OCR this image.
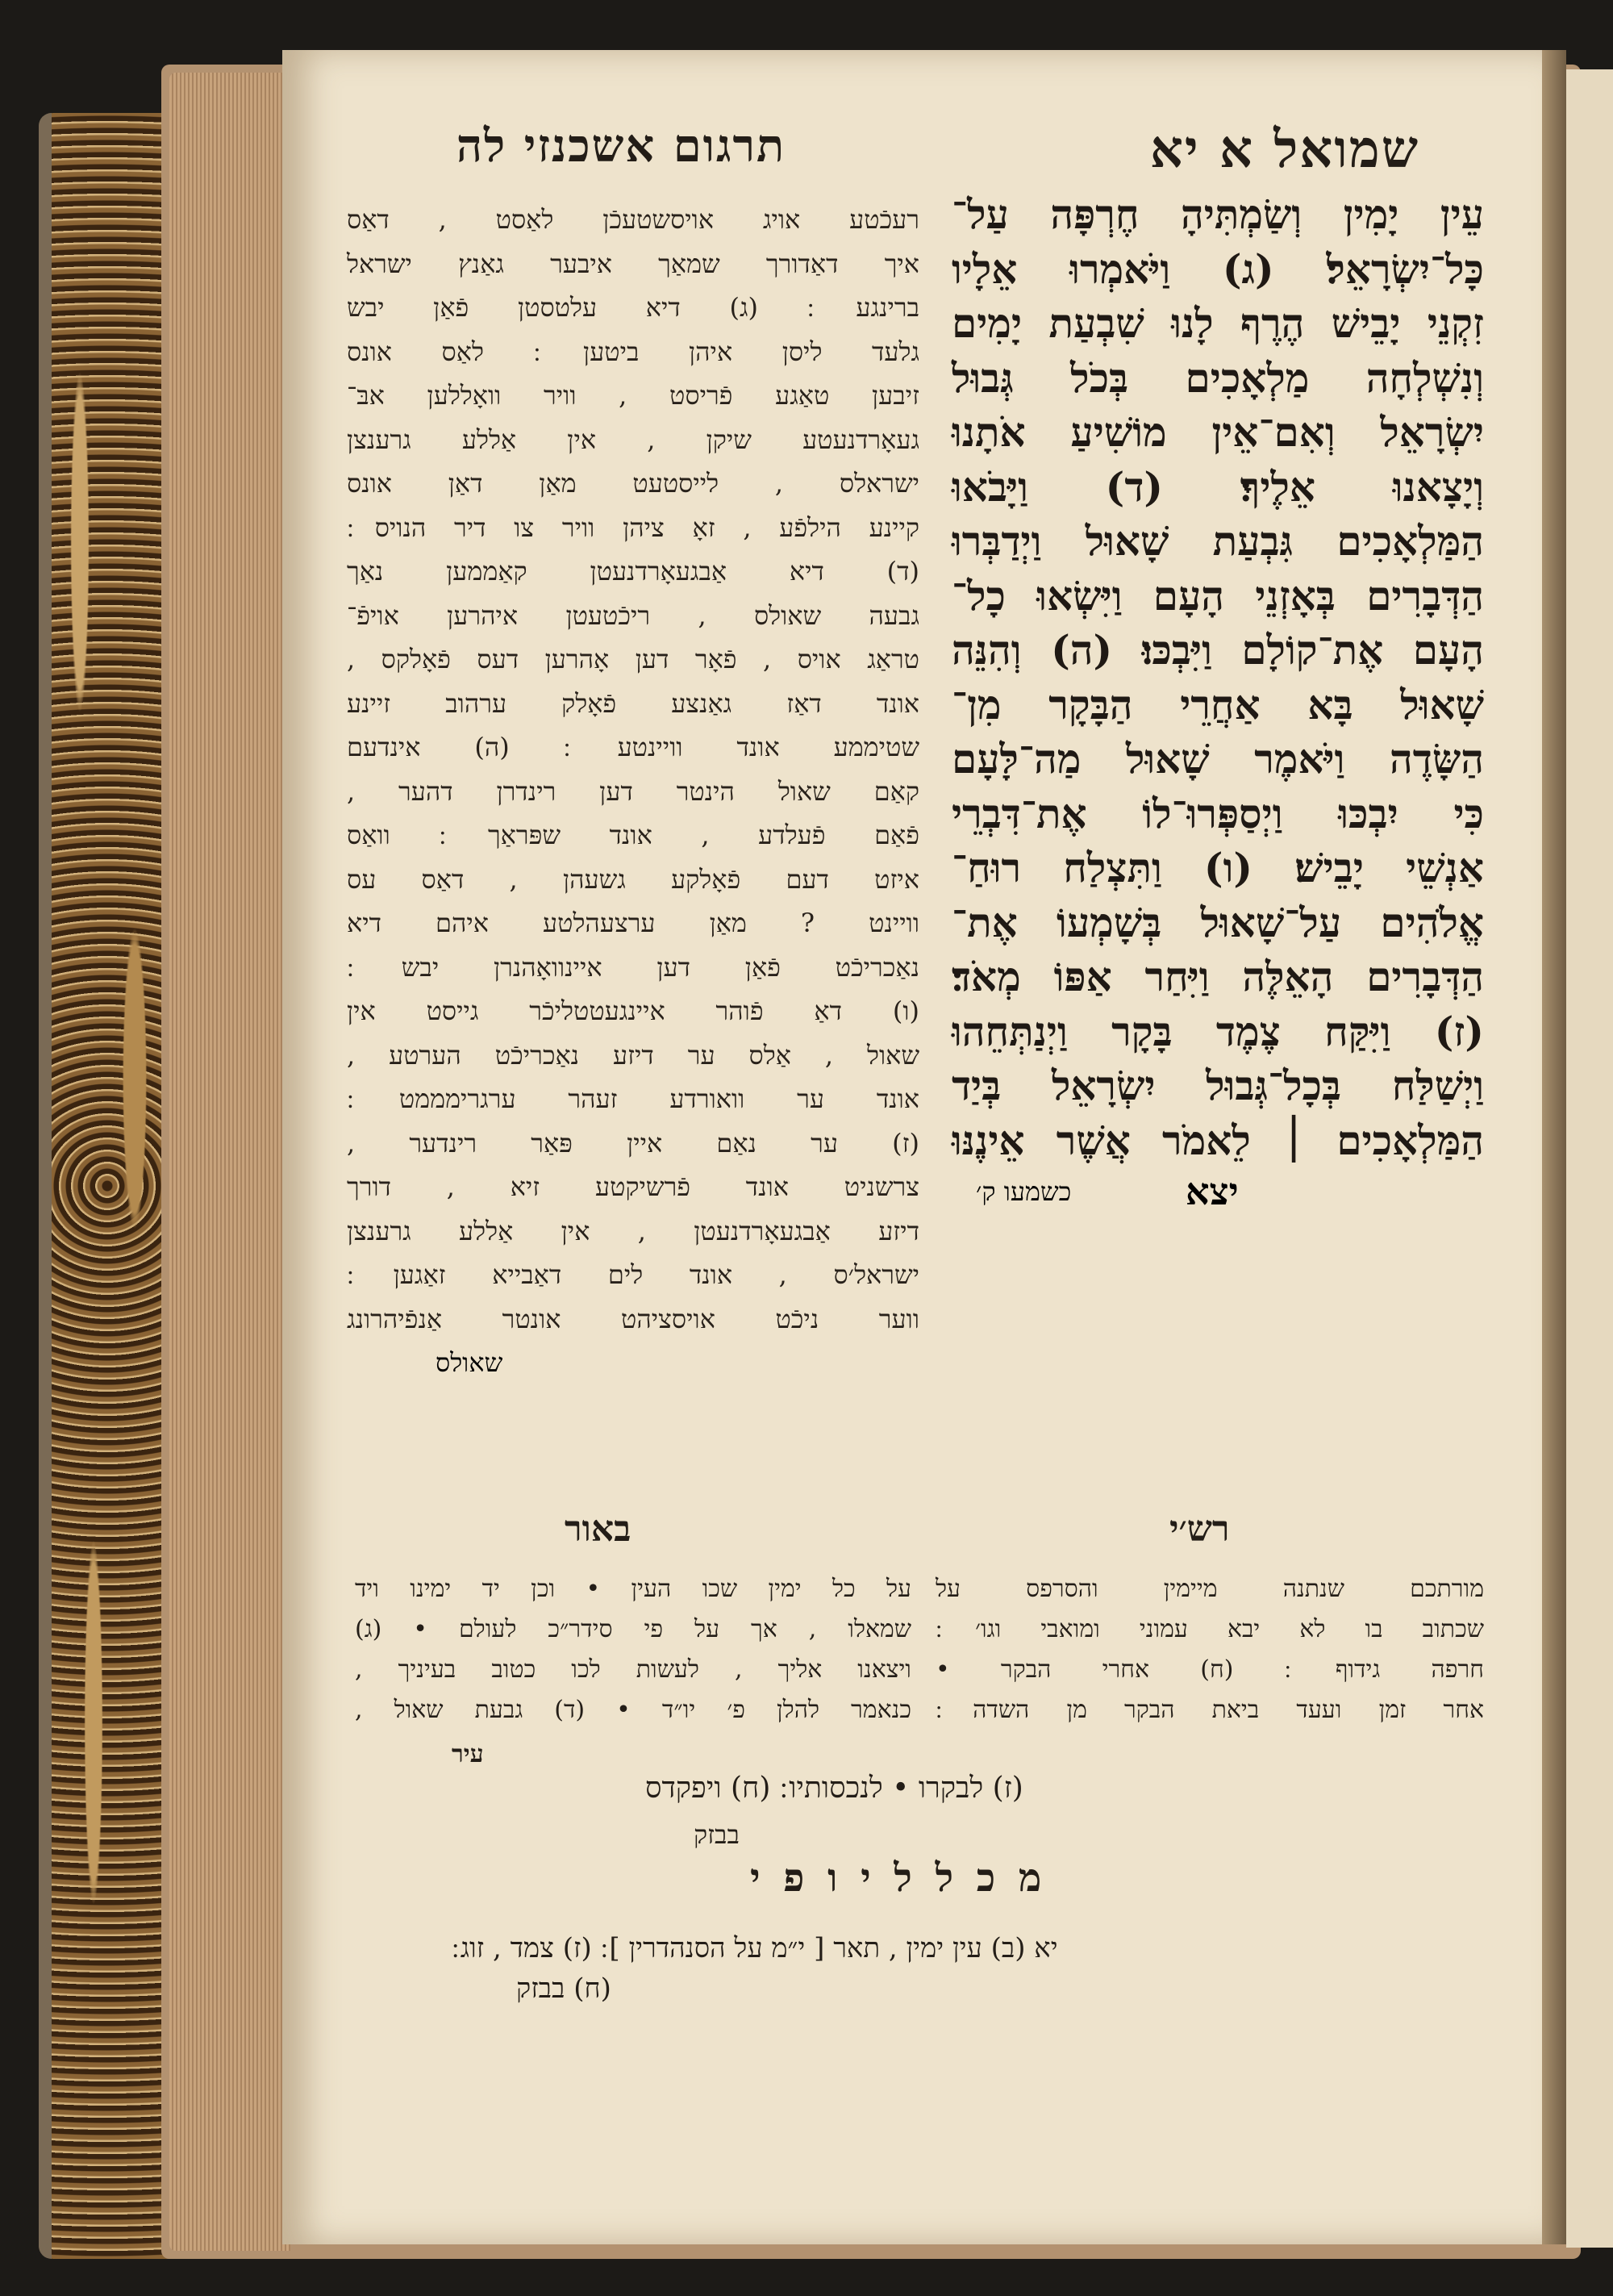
שמואל א יא
תרגום אשכנזי לה
רעכֿטע אויג אויסשטעכֿן לאַסט , דאַס
איך דאַדורך שמאַך איבער גאַנץ ישראל
ברינגע ׃ (ג) דיא עלטסטן פֿאַן יבש
גלעד ליסן איהן ביטען ׃ לאַס אונס
זיבען טאַגע פֿריסט , וויר וואָללען אבּ־
געאָרדנעטע שיקן , אין אַללע גרענצן
ישראלס , לייסטעט מאַן דאַן אונס
קיינע הילפֿע , זאָ ציהן וויר צו דיר הנויס ׃
(ד) דיא אַבגעאָרדנעטן קאַממען נאַך
גבעה שאולס , ריכֿטעטן איהרען אויפֿ־
טראַג אויס , פֿאָר דען אָהרען דעס פֿאָלקס ,
אונד דאַז גאַנצע פֿאָלק ערהוב זיינע
שטיממע אונד וויינטע ׃ (ה) אינדעם
קאַם שאול הינטר דען רינדרן דהער ,
פֿאַם פֿעלדע , אונד שפּראַך ׃ וואַס
איזט דעם פֿאָלקע גשעהן , דאַס עס
וויינט ? מאַן ערצעהלטע איהם דיא
נאַכריכֿט פֿאַן דען איינוואָהנרן יבש ׃
(ו) דאַ פֿוהר איינגעטטליכֿר גייסט אין
שאול , אַלס ער דיזע נאַכריכֿט הערטע ,
אונד ער וואורדע זעהר ערגרימממט ׃
(ז) ער נאַם איין פּאַר רינדער ,
צרשניט אונד פֿרשיקטע זיא , דורך
דיזע אַבגעאָרדנעטן , אין אַללע גרענצן
ישראל׳ס , אונד לים דאַבייא זאַגען ׃
ווער ניכֿט אויסציהט אונטר אַנפֿיהרונג
שאולס
עֵין יָמִין וְשַׂמְתִּיהָ חֶרְפָּה עַל־
כָּל־יִשְׂרָאֵל׃ (ג) וַיֹּאמְרוּ אֵלָיו
זִקְנֵי יָבֵישׁ הֶרֶף לָנוּ שִׁבְעַת יָמִים
וְנִשְׁלְחָה מַלְאָכִים בְּכֹל גְּבוּל
יִשְׂרָאֵל וְאִם־אֵין מוֹשִׁיעַ אֹתָנוּ
וְיָצָאנוּ אֵלֶיךָ׃ (ד) וַיָּבֹאוּ
הַמַּלְאָכִים גִּבְעַת שָׁאוּל וַיְדַבְּרוּ
הַדְּבָרִים בְּאָזְנֵי הָעָם וַיִּשְׂאוּ כָל־
הָעָם אֶת־קוֹלָם וַיִּבְכּוּ׃ (ה) וְהִנֵּה
שָׁאוּל בָּא אַחֲרֵי הַבָּקָר מִן־
הַשָּׂדֶה וַיֹּאמֶר שָׁאוּל מַה־לָּעָם
כִּי יִבְכּוּ וַיְסַפְּרוּ־לוֹ אֶת־דִּבְרֵי
אַנְשֵׁי יָבֵישׁ׃ (ו) וַתִּצְלַח רוּחַ־
אֱלֹהִים עַל־שָׁאוּל בְּשָׁמְעוֹ אֶת־
הַדְּבָרִים הָאֵלֶּה וַיִּחַר אַפּוֹ מְאֹד׃
(ז) וַיִּקַּח צֶמֶד בָּקָר וַיְנַתְּחֵהוּ
וַיְשַׁלַּח בְּכָל־גְּבוּל יִשְׂרָאֵל בְּיַד
הַמַּלְאָכִים ׀ לֵאמֹר אֲשֶׁר אֵינֶנּוּ
כשמעו ק׳	יצא
רש׳י
באור
מורתכם שנתנה מיימין והסרפס על
שכתוב בו לא יבא עמוני ומואבי וגו׳ ׃
חרפה גידוף ׃ (ח) אחרי הבקר •
אחר זמן ועעד ביאת הבקר מן השדה ׃
על כל ימין שכו העין • וכן יד ימינו ויד
שמאלו , אך על פי סידר״כ לעולם • (ג)
ויצאנו אליך , לעשות לכו כטוב בעיניך ,
כנאמר להלן פ׳ יו״ד • (ד) גבעת שאול ,
עיר
(ז) לבקרו • לנכסותיו ׃ (ח) ויפקדס
בבזק
מ כ ל ל י ו פ י
יא (ב) עין ימין , תאר [ י״מ על הסנהדרין ] ׃ (ז) צמד , זוג ׃
(ח) בבזק
